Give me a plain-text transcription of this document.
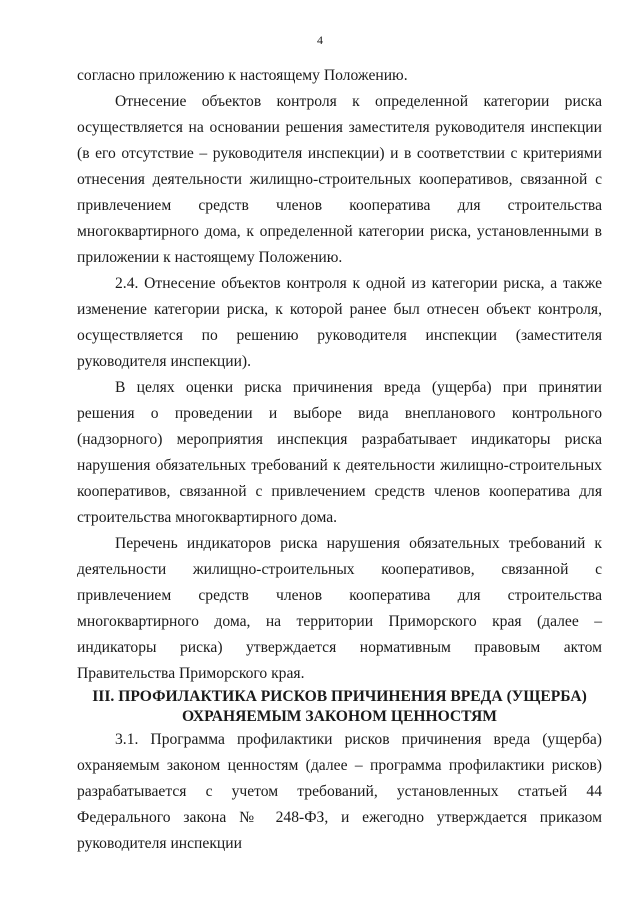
4

согласно приложению к настоящему Положению.

Отнесение объектов контроля к определенной категории риска осуществляется на основании решения заместителя руководителя инспекции (в его отсутствие – руководителя инспекции) и в соответствии с критериями отнесения деятельности жилищно-строительных кооперативов, связанной с привлечением средств членов кооператива для строительства многоквартирного дома, к определенной категории риска, установленными в приложении к настоящему Положению.

2.4. Отнесение объектов контроля к одной из категории риска, а также изменение категории риска, к которой ранее был отнесен объект контроля, осуществляется по решению руководителя инспекции (заместителя руководителя инспекции).

В целях оценки риска причинения вреда (ущерба) при принятии решения о проведении и выборе вида внепланового контрольного (надзорного) мероприятия инспекция разрабатывает индикаторы риска нарушения обязательных требований к деятельности жилищно-строительных кооперативов, связанной с привлечением средств членов кооператива для строительства многоквартирного дома.

Перечень индикаторов риска нарушения обязательных требований к деятельности жилищно-строительных кооперативов, связанной с привлечением средств членов кооператива для строительства многоквартирного дома, на территории Приморского края (далее – индикаторы риска) утверждается нормативным правовым актом Правительства Приморского края.

III. ПРОФИЛАКТИКА РИСКОВ ПРИЧИНЕНИЯ ВРЕДА (УЩЕРБА)
ОХРАНЯЕМЫМ ЗАКОНОМ ЦЕННОСТЯМ

3.1. Программа профилактики рисков причинения вреда (ущерба) охраняемым законом ценностям (далее – программа профилактики рисков) разрабатывается с учетом требований, установленных статьей 44 Федерального закона № 248-ФЗ, и ежегодно утверждается приказом руководителя инспекции
